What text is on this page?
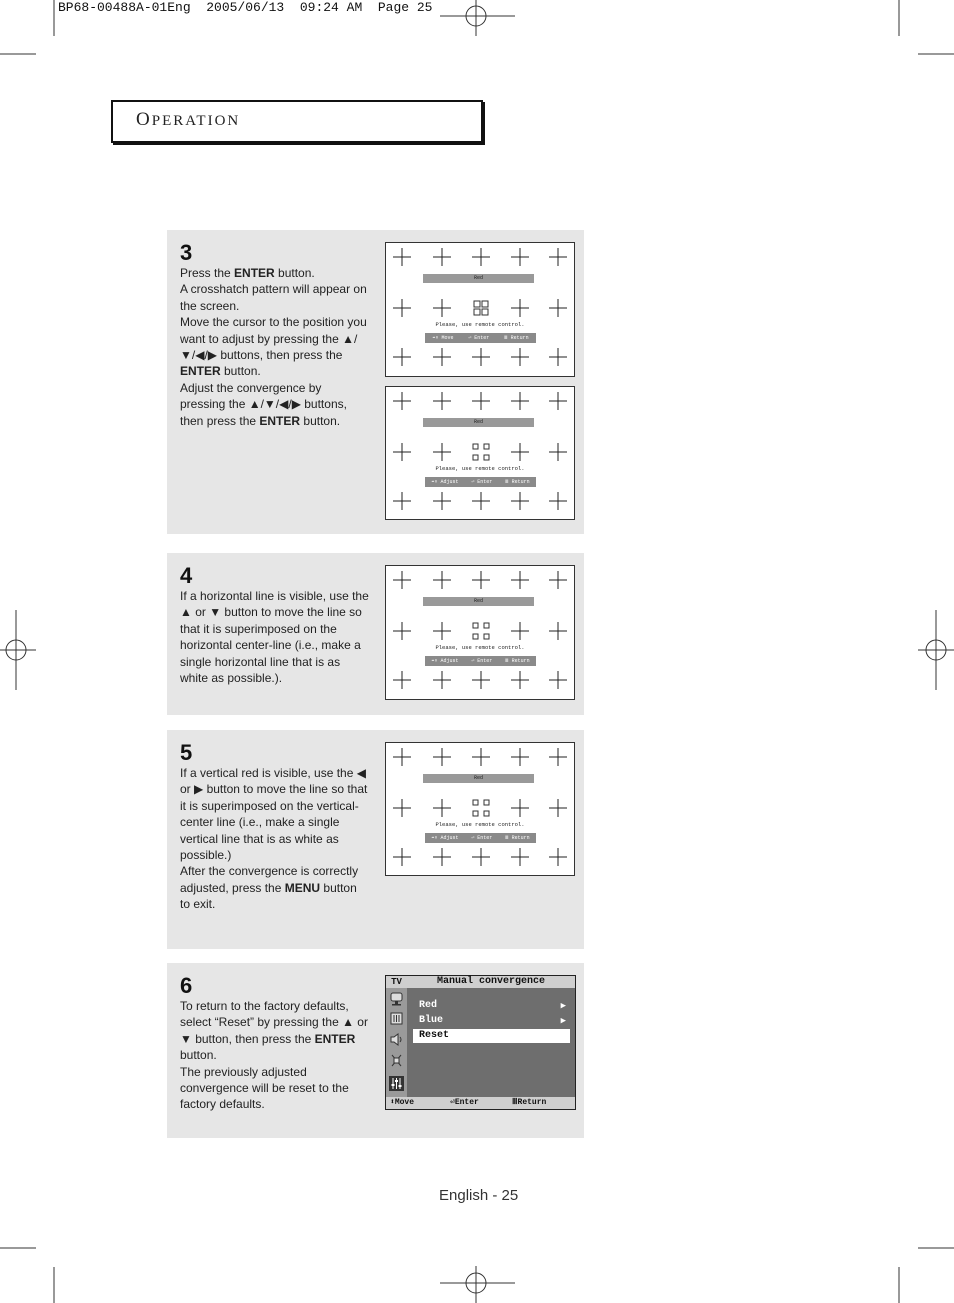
BP68-00488A-01Eng  2005/06/13  09:24 AM  Page 25
OPERATION
3

Press the ENTER button.

A crosshatch pattern will appear on the screen.

Move the cursor to the position you want to adjust by pressing the ▲/▼/◀/▶ buttons, then press the ENTER button.

Adjust the convergence by pressing the ▲/▼/◀/▶ buttons, then press the ENTER button.

Red
Please, use remote control.
⬌⬍ Move	⏎ Enter	Ⅲ Return
Red
Please, use remote control.
⬌⬍ Adjust	⏎ Enter	Ⅲ Return
4

If a horizontal line is visible, use the ▲ or ▼ button to move the line so that it is superimposed on the horizontal center-line (i.e., make a single horizontal line that is as white as possible.).

Red
Please, use remote control.
⬌⬍ Adjust	⏎ Enter	Ⅲ Return
5

If a vertical red is visible, use the ◀ or ▶ button to move the line so that it is superimposed on the vertical-center line (i.e., make a single vertical line that is as white as possible.)

After the convergence is correctly adjusted, press the MENU button to exit.

Red
Please, use remote control.
⬌⬍ Adjust	⏎ Enter	Ⅲ Return
6

To return to the factory defaults, select “Reset” by pressing the ▲ or ▼ button, then press the ENTER button.

The previously adjusted convergence will be reset to the factory defaults.

TV	Manual convergence
Red	▶
Blue	▶
Reset
⬍Move	⏎Enter	ⅢReturn
English - 25
